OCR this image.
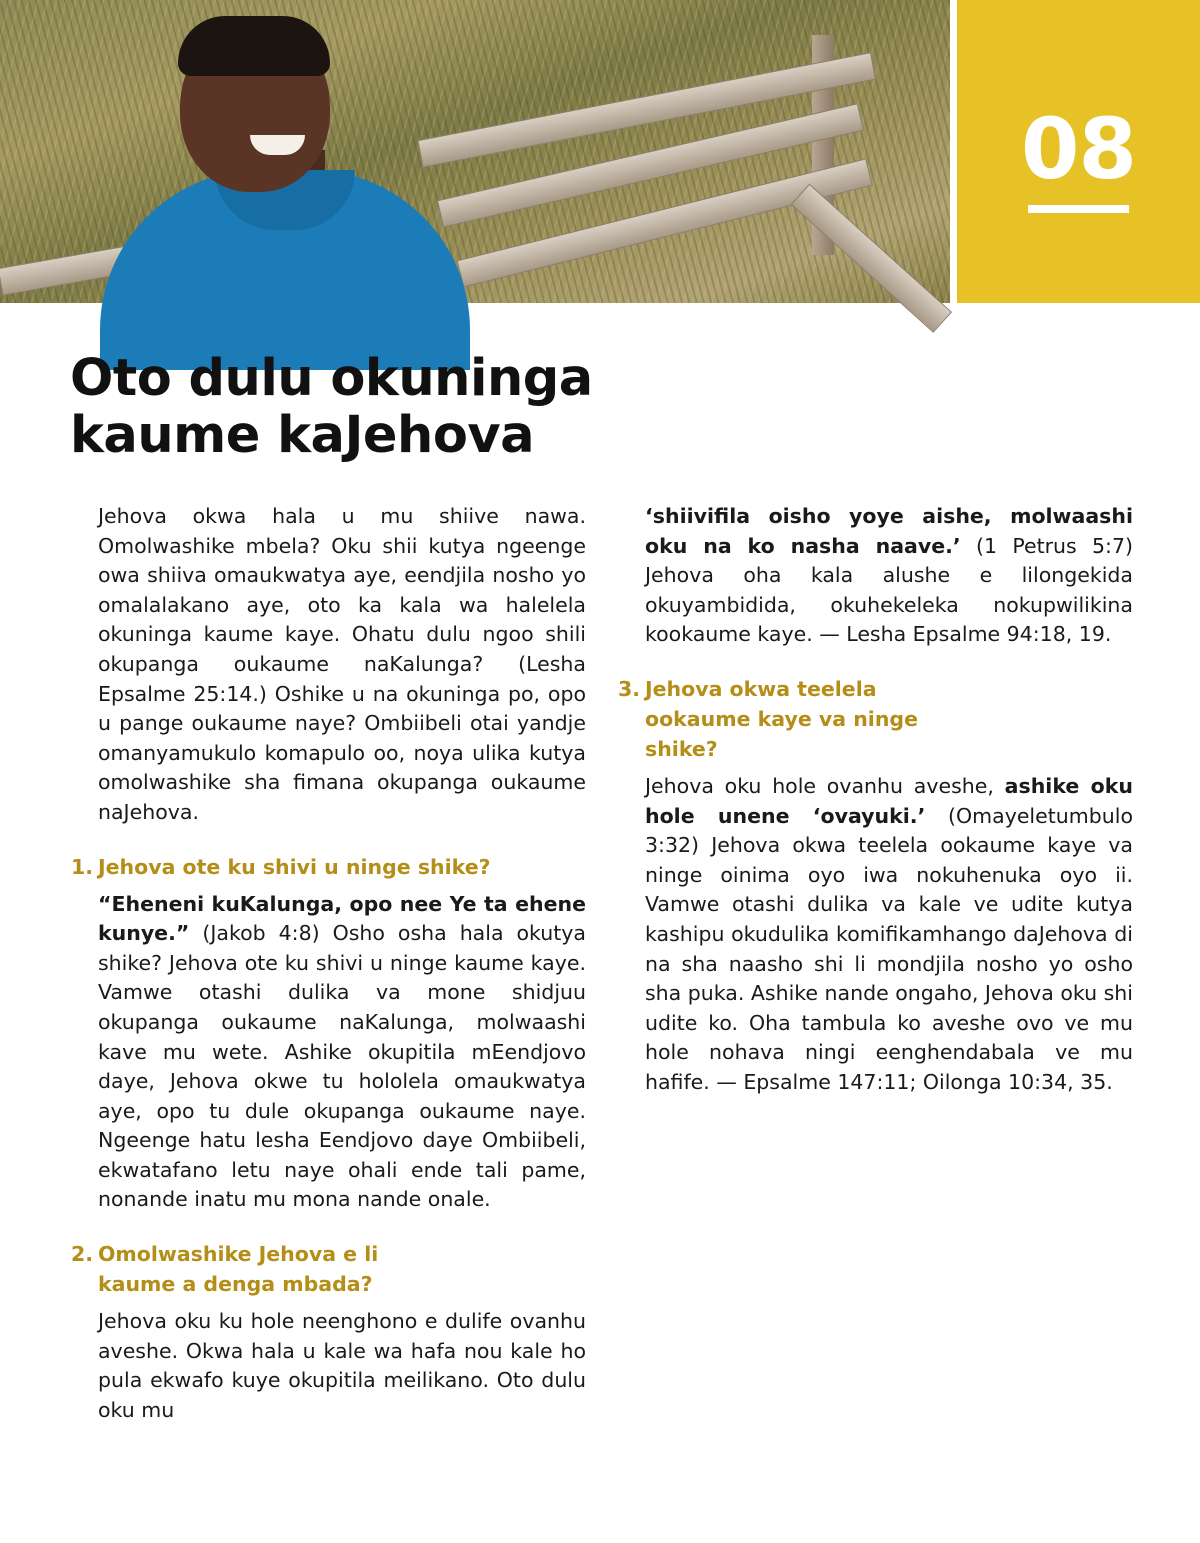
08
Oto dulu okuninga kaume kaJehova

Jehova okwa hala u mu shiive nawa. Omolwashike mbela? Oku shii kutya ngeenge owa shiiva omaukwatya aye, eendjila nosho yo omalalakano aye, oto ka kala wa halelela okuninga kaume kaye. Ohatu dulu ngoo shili okupanga oukaume naKalunga? (Lesha Epsalme 25:14.) Oshike u na okuninga po, opo u pange oukaume naye? Ombiibeli otai yandje omanyamukulo komapulo oo, noya ulika kutya omolwashike sha fimana okupanga oukaume naJehova.

1. Jehova ote ku shivi u ninge shike?

“Eheneni kuKalunga, opo nee Ye ta ehene kunye.” (Jakob 4:8) Osho osha hala okutya shike? Jehova ote ku shivi u ninge kaume kaye. Vamwe otashi dulika va mone shidjuu okupanga oukaume naKalunga, molwaashi kave mu wete. Ashike okupitila mEendjovo daye, Jehova okwe tu hololela omaukwatya aye, opo tu dule okupanga oukaume naye. Ngeenge hatu lesha Eendjovo daye Ombiibeli, ekwatafano letu naye ohali ende tali pame, nonande inatu mu mona nande onale.

2. Omolwashike Jehova e li kaume a denga mbada?

Jehova oku ku hole neenghono e dulife ovanhu aveshe. Okwa hala u kale wa hafa nou kale ho pula ekwafo kuye okupitila meilikano. Oto dulu oku mu

‘shiivifila oisho yoye aishe, molwaashi oku na ko nasha naave.’ (1 Petrus 5:7) Jehova oha kala alushe e lilongekida okuyambidida, okuhekeleka nokupwilikina kookaume kaye. — Lesha Epsalme 94:18, 19.

3. Jehova okwa teelela ookaume kaye va ninge shike?

Jehova oku hole ovanhu aveshe, ashike oku hole unene ‘ovayuki.’ (Omayeletumbulo 3:32) Jehova okwa teelela ookaume kaye va ninge oinima oyo iwa nokuhenuka oyo ii. Vamwe otashi dulika va kale ve udite kutya kashipu okudulika komifikamhango daJehova di na sha naasho shi li mondjila nosho yo osho sha puka. Ashike nande ongaho, Jehova oku shi udite ko. Oha tambula ko aveshe ovo ve mu hole nohava ningi eenghendabala ve mu hafife. — Epsalme 147:11; Oilonga 10:34, 35.
